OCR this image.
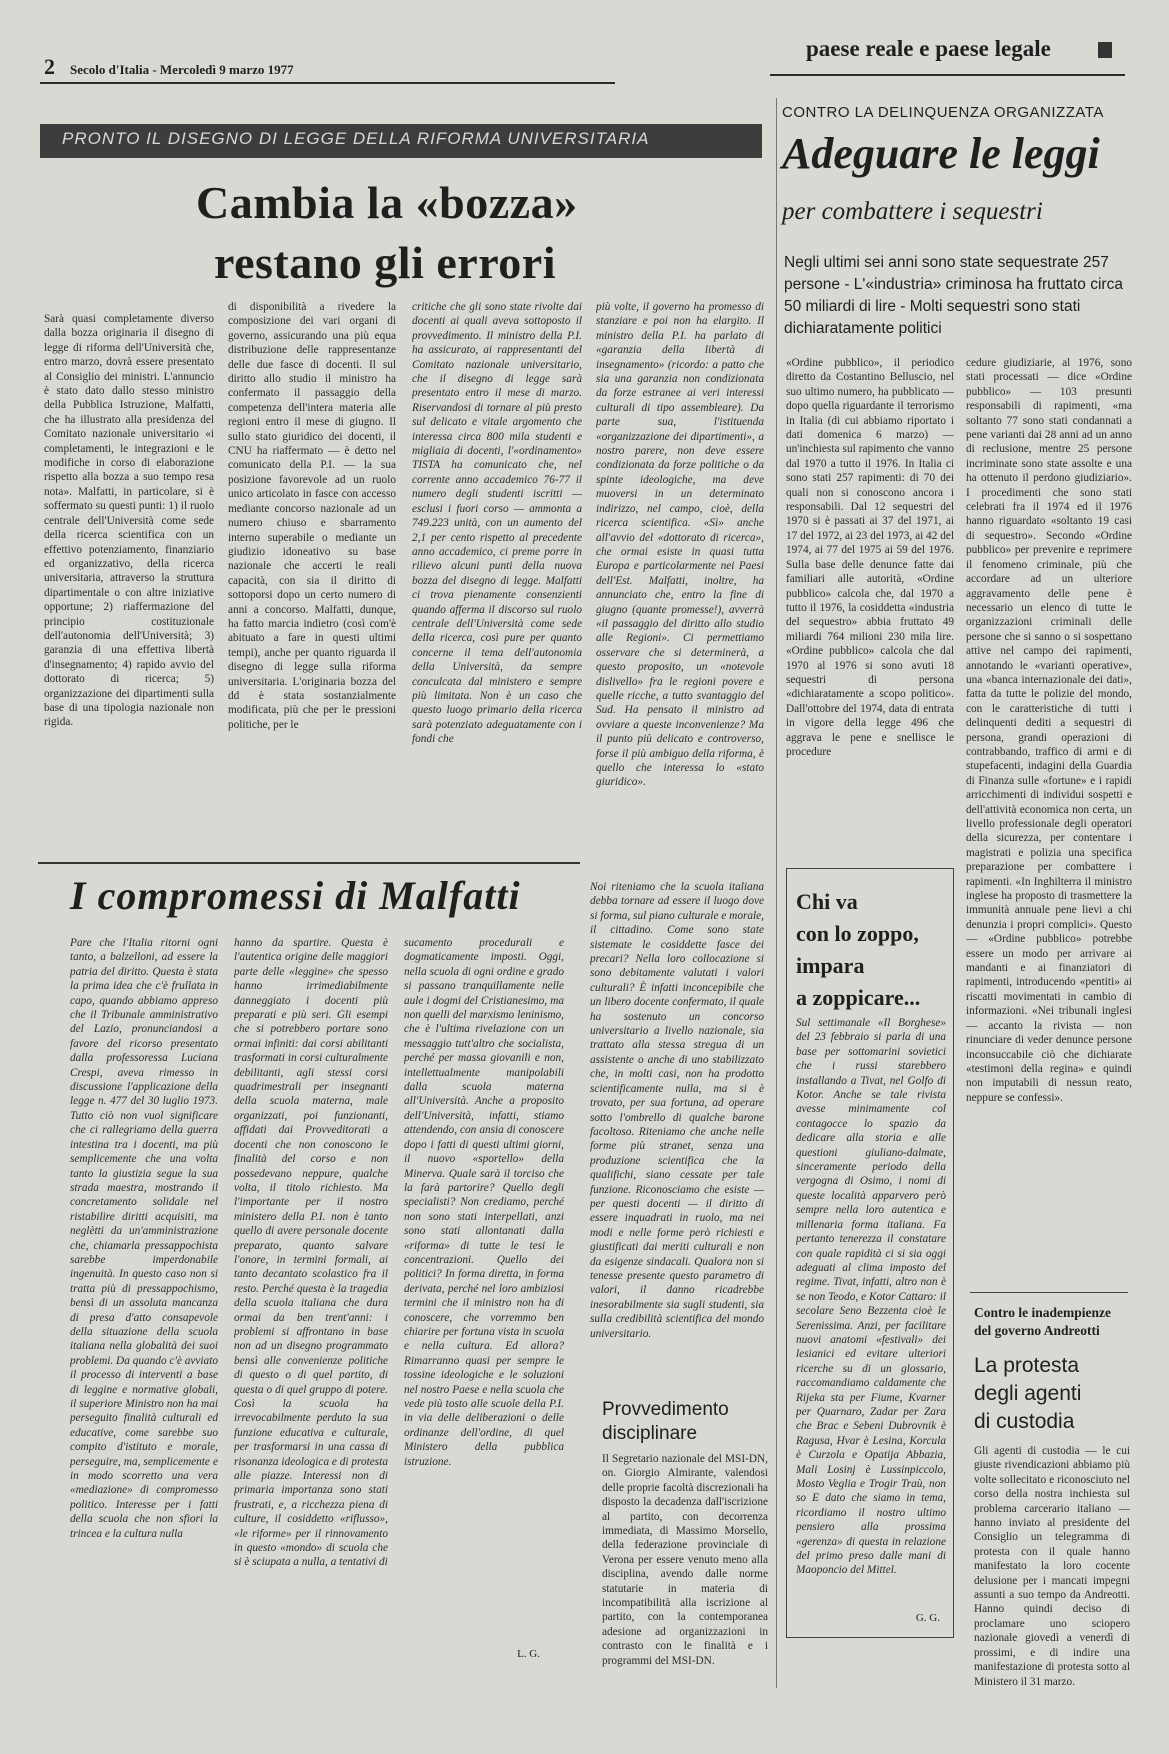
2 Secolo d'Italia - Mercoledì 9 marzo 1977
paese reale e paese legale
PRONTO IL DISEGNO DI LEGGE DELLA RIFORMA UNIVERSITARIA
Cambia la «bozza»
restano gli errori
Sarà quasi completamente diverso dalla bozza originaria il disegno di legge di riforma dell'Università che, entro marzo, dovrà essere presentato al Consiglio dei ministri. L'annuncio è stato dato dallo stesso ministro della Pubblica Istruzione, Malfatti, che ha illustrato alla presidenza del Comitato nazionale universitario «i completamenti, le integrazioni e le modifiche in corso di elaborazione rispetto alla bozza a suo tempo resa nota». Malfatti, in particolare, si è soffermato su questi punti: 1) il ruolo centrale dell'Università come sede della ricerca scientifica con un effettivo potenziamento, finanziario ed organizzativo, della ricerca universitaria, attraverso la struttura dipartimentale o con altre iniziative opportune; 2) riaffermazione del principio costituzionale dell'autonomia dell'Università; 3) garanzia di una effettiva libertà d'insegnamento; 4) rapido avvio del dottorato di ricerca; 5) organizzazione dei dipartimenti sulla base di una tipologia nazionale non rigida.
di disponibilità a rivedere la composizione dei vari organi di governo, assicurando una più equa distribuzione delle rappresentanze delle due fasce di docenti. Il sul diritto allo studio il ministro ha confermato il passaggio della competenza dell'intera materia alle regioni entro il mese di giugno. Il sullo stato giuridico dei docenti, il CNU ha riaffermato — è detto nel comunicato della P.I. — la sua posizione favorevole ad un ruolo unico articolato in fasce con accesso mediante concorso nazionale ad un numero chiuso e sbarramento interno superabile o mediante un giudizio idoneativo su base nazionale che accerti le reali capacità, con sia il diritto di sottoporsi dopo un certo numero di anni a concorso. Malfatti, dunque, ha fatto marcia indietro (così com'è abituato a fare in questi ultimi tempi), anche per quanto riguarda il disegno di legge sulla riforma universitaria. L'originaria bozza del dd è stata sostanzialmente modificata, più che per le pressioni politiche, per le
critiche che gli sono state rivolte dai docenti ai quali aveva sottoposto il provvedimento. Il ministro della P.I. ha assicurato, ai rappresentanti del Comitato nazionale universitario, che il disegno di legge sarà presentato entro il mese di marzo. Riservandosi di tornare al più presto sul delicato e vitale argomento che interessa circa 800 mila studenti e migliaia di docenti, l'«ordinamento» TISTA ha comunicato che, nel corrente anno accademico 76-77 il numero degli studenti iscritti — esclusi i fuori corso — ammonta a 749.223 unità, con un aumento del 2,1 per cento rispetto al precedente anno accademico, ci preme porre in rilievo alcuni punti della nuova bozza del disegno di legge. Malfatti ci trova pienamente consenzienti quando afferma il discorso sul ruolo centrale dell'Università come sede della ricerca, così pure per quanto concerne il tema dell'autonomia della Università, da sempre conculcata dal ministero e sempre più limitata. Non è un caso che questo luogo primario della ricerca sarà potenziato adeguatamente con i fondi che
più volte, il governo ha promesso di stanziare e poi non ha elargito. Il ministro della P.I. ha parlato di «garanzia della libertà di insegnamento» (ricordo: a patto che sia una garanzia non condizionata da forze estranee ai veri interessi culturali di tipo assembleare). Da parte sua, l'istituenda «organizzazione dei dipartimenti», a nostro parere, non deve essere condizionata da forze politiche o da spinte ideologiche, ma deve muoversi in un determinato indirizzo, nel campo, cioè, della ricerca scientifica. «Sì» anche all'avvio del «dottorato di ricerca», che ormai esiste in quasi tutta Europa e particolarmente nei Paesi dell'Est. Malfatti, inoltre, ha annunciato che, entro la fine di giugno (quante promesse!), avverrà «il passaggio del diritto allo studio alle Regioni». Ci permettiamo osservare che si determinerà, a questo proposito, un «notevole dislivello» fra le regioni povere e quelle ricche, a tutto svantaggio del Sud. Ha pensato il ministro ad ovviare a queste inconvenienze? Ma il punto più delicato e controverso, forse il più ambiguo della riforma, è quello che interessa lo «stato giuridico».
CONTRO LA DELINQUENZA ORGANIZZATA
Adeguare le leggi
per combattere i sequestri
Negli ultimi sei anni sono state sequestrate 257 persone - L'«industria» criminosa ha fruttato circa 50 miliardi di lire - Molti sequestri sono stati dichiaratamente politici
«Ordine pubblico», il periodico diretto da Costantino Belluscio, nel suo ultimo numero, ha pubblicato — dopo quella riguardante il terrorismo in Italia (di cui abbiamo riportato i dati domenica 6 marzo) — un'inchiesta sul rapimento che vanno dal 1970 a tutto il 1976. In Italia ci sono stati 257 rapimenti: di 70 dei quali non si conoscono ancora i responsabili. Dal 12 sequestri del 1970 si è passati ai 37 del 1971, ai 17 del 1972, ai 23 del 1973, ai 42 del 1974, ai 77 del 1975 ai 59 del 1976. Sulla base delle denunce fatte dai familiari alle autorità, «Ordine pubblico» calcola che, dal 1970 a tutto il 1976, la cosiddetta «industria del sequestro» abbia fruttato 49 miliardi 764 milioni 230 mila lire. «Ordine pubblico» calcola che dal 1970 al 1976 si sono avuti 18 sequestri di persona «dichiaratamente a scopo politico». Dall'ottobre del 1974, data di entrata in vigore della legge 496 che aggrava le pene e snellisce le procedure
cedure giudiziarie, al 1976, sono stati processati — dice «Ordine pubblico» — 103 presunti responsabili di rapimenti, «ma soltanto 77 sono stati condannati a pene varianti dai 28 anni ad un anno di reclusione, mentre 25 persone incriminate sono state assolte e una ha ottenuto il perdono giudiziario». I procedimenti che sono stati celebrati fra il 1974 ed il 1976 hanno riguardato «soltanto 19 casi di sequestro». Secondo «Ordine pubblico» per prevenire e reprimere il fenomeno criminale, più che accordare ad un ulteriore aggravamento delle pene è necessario un elenco di tutte le organizzazioni criminali delle persone che si sanno o si sospettano attive nel campo dei rapimenti, annotando le «varianti operative», una «banca internazionale dei dati», fatta da tutte le polizie del mondo, con le caratteristiche di tutti i delinquenti dediti a sequestri di persona, grandi operazioni di contrabbando, traffico di armi e di stupefacenti, indagini della Guardia di Finanza sulle «fortune» e i rapidi arricchimenti di individui sospetti e dell'attività economica non certa, un livello professionale degli operatori della sicurezza, per contentare i magistrati e polizia una specifica preparazione per combattere i rapimenti. «In Inghilterra il ministro inglese ha proposto di trasmettere la immunità annuale pene lievi a chi denunzia i propri complici». Questo — «Ordine pubblico» potrebbe essere un modo per arrivare ai mandanti e ai finanziatori di rapimenti, introducendo «pentiti» ai riscatti movimentati in cambio di informazioni. «Nei tribunali inglesi — accanto la rivista — non rinunciare di veder denunce persone inconsuccabile ciò che dichiarate «testimoni della regina» e quindi non imputabili di nessun reato, neppure se confessi».
I compromessi di Malfatti
Pare che l'Italia ritorni ogni tanto, a balzelloni, ad essere la patria del diritto. Questa è stata la prima idea che c'è frullata in capo, quando abbiamo appreso che il Tribunale amministrativo del Lazio, pronunciandosi a favore del ricorso presentato dalla professoressa Luciana Crespi, aveva rimesso in discussione l'applicazione della legge n. 477 del 30 luglio 1973. Tutto ciò non vuol significare che ci rallegriamo della guerra intestina tra i docenti, ma più semplicemente che una volta tanto la giustizia segue la sua strada maestra, mostrando il concretamento solidale nel ristabilire diritti acquisiti, ma neglètti da un'amministrazione che, chiamarla pressappochista sarebbe imperdonabile ingenuità. In questo caso non si tratta più di pressappochismo, bensì di un assoluta mancanza di presa d'atto consapevole della situazione della scuola italiana nella globalità dei suoi problemi. Da quando c'è avviato il processo di interventi a base di leggine e normative globali, il superiore Ministro non ha mai perseguito finalità culturali ed educative, come sarebbe suo compito d'istituto e morale, perseguire, ma, semplicemente e in modo scorretto una vera «mediazione» di compromesso politico. Interesse per i fatti della scuola che non sfiori la trincea e la cultura nulla
hanno da spartire. Questa è l'autentica origine delle maggiori parte delle «leggine» che spesso hanno irrimediabilmente danneggiato i docenti più preparati e più seri. Gli esempi che si potrebbero portare sono ormai infiniti: dai corsi abilitanti trasformati in corsi culturalmente debilitanti, agli stessi corsi quadrimestrali per insegnanti della scuola materna, male organizzati, poi funzionanti, affidati dai Provveditorati a docenti che non conoscono le finalità del corso e non possedevano neppure, qualche volta, il titolo richiesto. Ma l'importante per il nostro ministero della P.I. non è tanto quello di avere personale docente preparato, quanto salvare l'onore, in termini formali, ai tanto decantato scolastico fra il resto. Perché questa è la tragedia della scuola italiana che dura ormai da ben trent'anni: i problemi si affrontano in base non ad un disegno programmato bensì alle convenienze politiche di questo o di quel partito, di questa o di quel gruppo di potere. Così la scuola ha irrevocabilmente perduto la sua funzione educativa e culturale, per trasformarsi in una cassa di risonanza ideologica e di protesta alle piazze. Interessi non di primaria importanza sono stati frustrati, e, a ricchezza piena di culture, il cosiddetto «riflusso», «le riforme» per il rinnovamento in questo «mondo» di scuola che si è sciupata a nulla, a tentativi di
sucamento procedurali e dogmaticamente imposti. Oggi, nella scuola di ogni ordine e grado si passano tranquillamente nelle aule i dogmi del Cristianesimo, ma non quelli del marxismo leninismo, che è l'ultima rivelazione con un messaggio tutt'altro che socialista, perché per massa giovanili e non, intellettualmente manipolabili dalla scuola materna all'Università. Anche a proposito dell'Università, infatti, stiamo attendendo, con ansia di conoscere dopo i fatti di questi ultimi giorni, il nuovo «sportello» della Minerva. Quale sarà il torciso che la farà partorire? Quello degli specialisti? Non crediamo, perché non sono stati interpellati, anzi sono stati allontanati dalla «riforma» di tutte le tesi le concentrazioni. Quello dei politici? In forma diretta, in forma derivata, perché nel loro ambiziosi termini che il ministro non ha di conoscere, che vorremmo ben chiarire per fortuna vista in scuola e nella cultura. Ed allora? Rimarranno quasi per sempre le tossine ideologiche e le soluzioni nel nostro Paese e nella scuola che vede più tosto alle scuole della P.I. in via delle deliberazioni o delle ordinanze dell'ordine, di quel Ministero della pubblica istruzione.
Noi riteniamo che la scuola italiana debba tornare ad essere il luogo dove si forma, sul piano culturale e morale, il cittadino. Come sono state sistemate le cosiddette fasce dei precari? Nella loro collocazione si sono debitamente valutati i valori culturali? È infatti inconcepibile che un libero docente confermato, il quale ha sostenuto un concorso universitario a livello nazionale, sia trattato alla stessa stregua di un assistente o anche di uno stabilizzato che, in molti casi, non ha prodotto scientificamente nulla, ma si è trovato, per sua fortuna, ad operare sotto l'ombrello di qualche barone facoltoso. Riteniamo che anche nelle forme più stranet, senza una produzione scientifica che la qualifichi, siano cessate per tale funzione. Riconosciamo che esiste — per questi docenti — il diritto di essere inquadrati in ruolo, ma nei modi e nelle forme però richiesti e giustificati dai meriti culturali e non da esigenze sindacali. Qualora non si tenesse presente questo parametro di valori, il danno ricadrebbe inesorabilmente sia sugli studenti, sia sulla credibilità scientifica del mondo universitario.
L. G.
Chi va
con lo zoppo,
impara
a zoppicare...
Sul settimanale «Il Borghese» del 23 febbraio si parla di una base per sottomarini sovietici che i russi starebbero installando a Tivat, nel Golfo di Kotor. Anche se tale rivista avesse minimamente col contagocce lo spazio da dedicare alla storia e alle questioni giuliano-dalmate, sinceramente periodo della vergogna di Osimo, i nomi di queste località apparvero però sempre nella loro autentica e millenaria forma italiana. Fa pertanto tenerezza il constatare con quale rapidità ci si sia oggi adeguati al clima imposto del regime. Tivat, infatti, altro non è se non Teodo, e Kotor Cattaro: il secolare Seno Bezzenta cioè le Serenissima. Anzi, per facilitare nuovi anatomi «festivali» dei lesianici ed evitare ulteriori ricerche su di un glossario, raccomandiamo caldamente che Rijeka sta per Fiume, Kvarner per Quarnaro, Zadar per Zara che Brac e Sebeni Dubrovnik è Ragusa, Hvar è Lesina, Korcula è Curzola e Opatija Abbazia, Mali Losinj è Lussinpiccolo, Mosto Veglia e Trogir Traù, non so E dato che siamo in tema, ricordiamo il nostro ultimo pensiero alla prossima «gerenza» di questa in relazione del primo preso dalle mani di Maoponcio del Mittel.
G. G.
Provvedimento
disciplinare
Il Segretario nazionale del MSI-DN, on. Giorgio Almirante, valendosi delle proprie facoltà discrezionali ha disposto la decadenza dall'iscrizione al partito, con decorrenza immediata, di Massimo Morsello, della federazione provinciale di Verona per essere venuto meno alla disciplina, avendo dalle norme statutarie in materia di incompatibilità alla iscrizione al partito, con la contemporanea adesione ad organizzazioni in contrasto con le finalità e i programmi del MSI-DN.
Contro le inadempienze
del governo Andreotti
La protesta
degli agenti
di custodia
Gli agenti di custodia — le cui giuste rivendicazioni abbiamo più volte sollecitato e riconosciuto nel corso della nostra inchiesta sul problema carcerario italiano — hanno inviato al presidente del Consiglio un telegramma di protesta con il quale hanno manifestato la loro cocente delusione per i mancati impegni assunti a suo tempo da Andreotti. Hanno quindi deciso di proclamare uno sciopero nazionale giovedì a venerdì di prossimi, e di indire una manifestazione di protesta sotto al Ministero il 31 marzo.
